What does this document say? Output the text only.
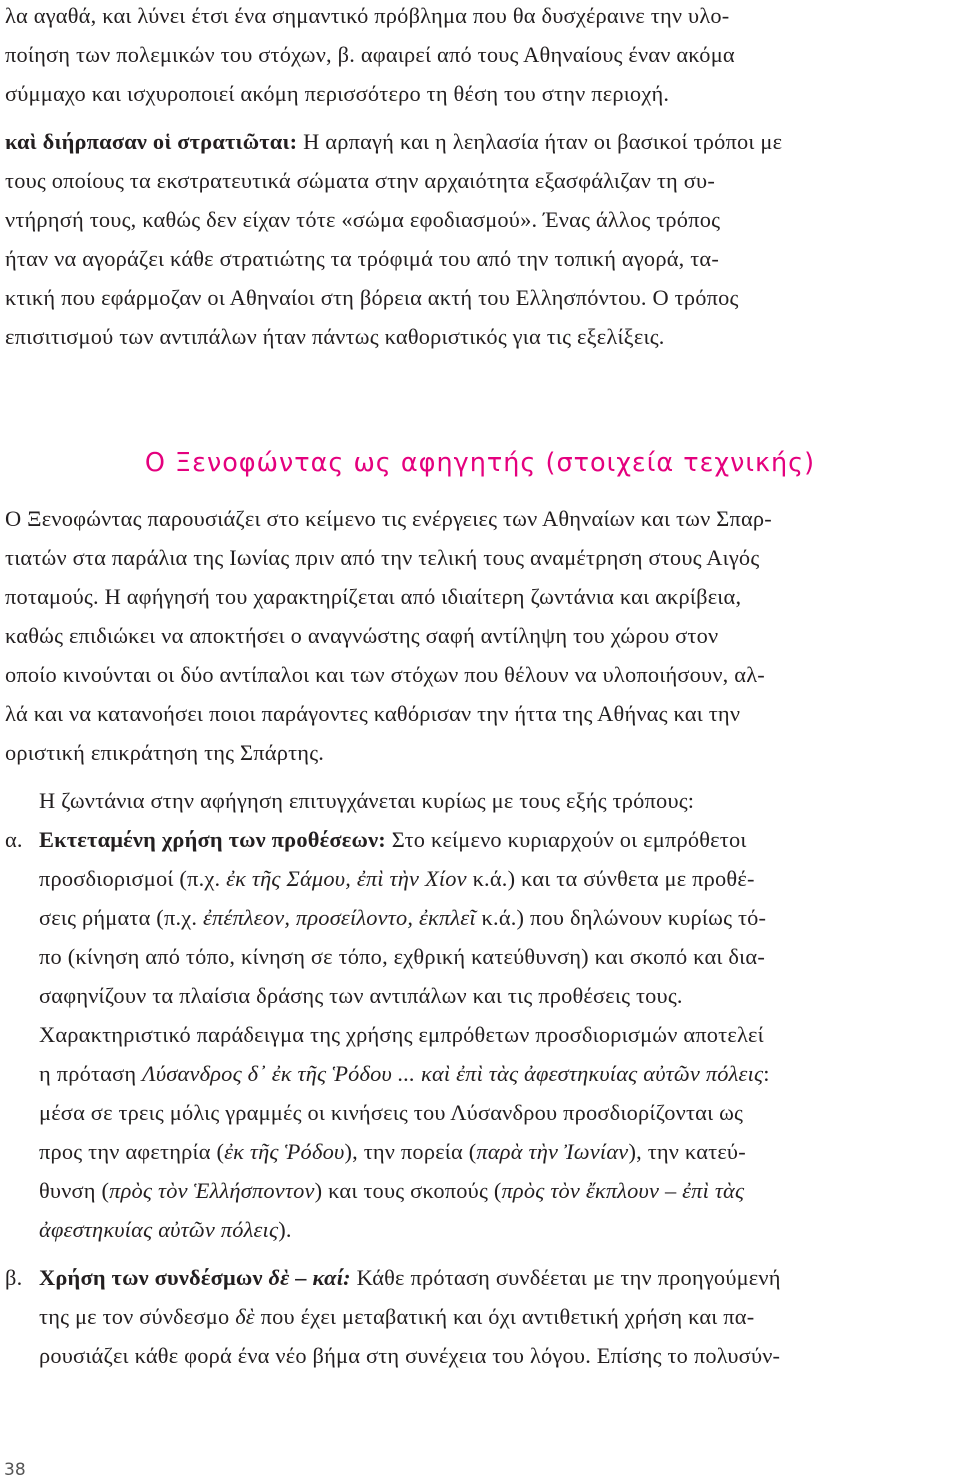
λα αγαθά, και λύνει έτσι ένα σημαντικό πρόβλημα που θα δυσχέραινε την υλο-
ποίηση των πολεμικών του στόχων, β. αφαιρεί από τους Αθηναίους έναν ακόμα
σύμμαχο και ισχυροποιεί ακόμη περισσότερο τη θέση του στην περιοχή.
καὶ διήρπασαν οἱ στρατιῶται: Η αρπαγή και η λεηλασία ήταν οι βασικοί τρόποι με
τους οποίους τα εκστρατευτικά σώματα στην αρχαιότητα εξασφάλιζαν τη συ-
ντήρησή τους, καθώς δεν είχαν τότε «σώμα εφοδιασμού». Ένας άλλος τρόπος
ήταν να αγοράζει κάθε στρατιώτης τα τρόφιμά του από την τοπική αγορά, τα-
κτική που εφάρμοζαν οι Αθηναίοι στη βόρεια ακτή του Ελλησπόντου. Ο τρόπος
επισιτισμού των αντιπάλων ήταν πάντως καθοριστικός για τις εξελίξεις.
Ο Ξενοφώντας ως αφηγητής (στοιχεία τεχνικής)
Ο Ξενοφώντας παρουσιάζει στο κείμενο τις ενέργειες των Αθηναίων και των Σπαρ-
τιατών στα παράλια της Ιωνίας πριν από την τελική τους αναμέτρηση στους Αιγός
ποταμούς. Η αφήγησή του χαρακτηρίζεται από ιδιαίτερη ζωντάνια και ακρίβεια,
καθώς επιδιώκει να αποκτήσει ο αναγνώστης σαφή αντίληψη του χώρου στον
οποίο κινούνται οι δύο αντίπαλοι και των στόχων που θέλουν να υλοποιήσουν, αλ-
λά και να κατανοήσει ποιοι παράγοντες καθόρισαν την ήττα της Αθήνας και την
οριστική επικράτηση της Σπάρτης.
Η ζωντάνια στην αφήγηση επιτυγχάνεται κυρίως με τους εξής τρόπους:
α. Εκτεταμένη χρήση των προθέσεων: Στο κείμενο κυριαρχούν οι εμπρόθετοι
προσδιορισμοί (π.χ. ἐκ τῆς Σάμου, ἐπὶ τὴν Χίον κ.ά.) και τα σύνθετα με προθέ-
σεις ρήματα (π.χ. ἐπέπλεον, προσείλοντο, ἐκπλεῖ κ.ά.) που δηλώνουν κυρίως τό-
πο (κίνηση από τόπο, κίνηση σε τόπο, εχθρική κατεύθυνση) και σκοπό και δια-
σαφηνίζουν τα πλαίσια δράσης των αντιπάλων και τις προθέσεις τους.
Χαρακτηριστικό παράδειγμα της χρήσης εμπρόθετων προσδιορισμών αποτελεί
η πρόταση Λύσανδρος δ᾽ ἐκ τῆς Ῥόδου ... καὶ ἐπὶ τὰς ἀφεστηκυίας αὐτῶν πόλεις:
μέσα σε τρεις μόλις γραμμές οι κινήσεις του Λύσανδρου προσδιορίζονται ως
προς την αφετηρία (ἐκ τῆς Ῥόδου), την πορεία (παρὰ τὴν Ἰωνίαν), την κατεύ-
θυνση (πρὸς τὸν Ἑλλήσποντον) και τους σκοπούς (πρὸς τὸν ἔκπλουν – ἐπὶ τὰς
ἀφεστηκυίας αὐτῶν πόλεις).
β. Χρήση των συνδέσμων δὲ – καί: Κάθε πρόταση συνδέεται με την προηγούμενή
της με τον σύνδεσμο δὲ που έχει μεταβατική και όχι αντιθετική χρήση και πα-
ρουσιάζει κάθε φορά ένα νέο βήμα στη συνέχεια του λόγου. Επίσης το πολυσύν-
38
